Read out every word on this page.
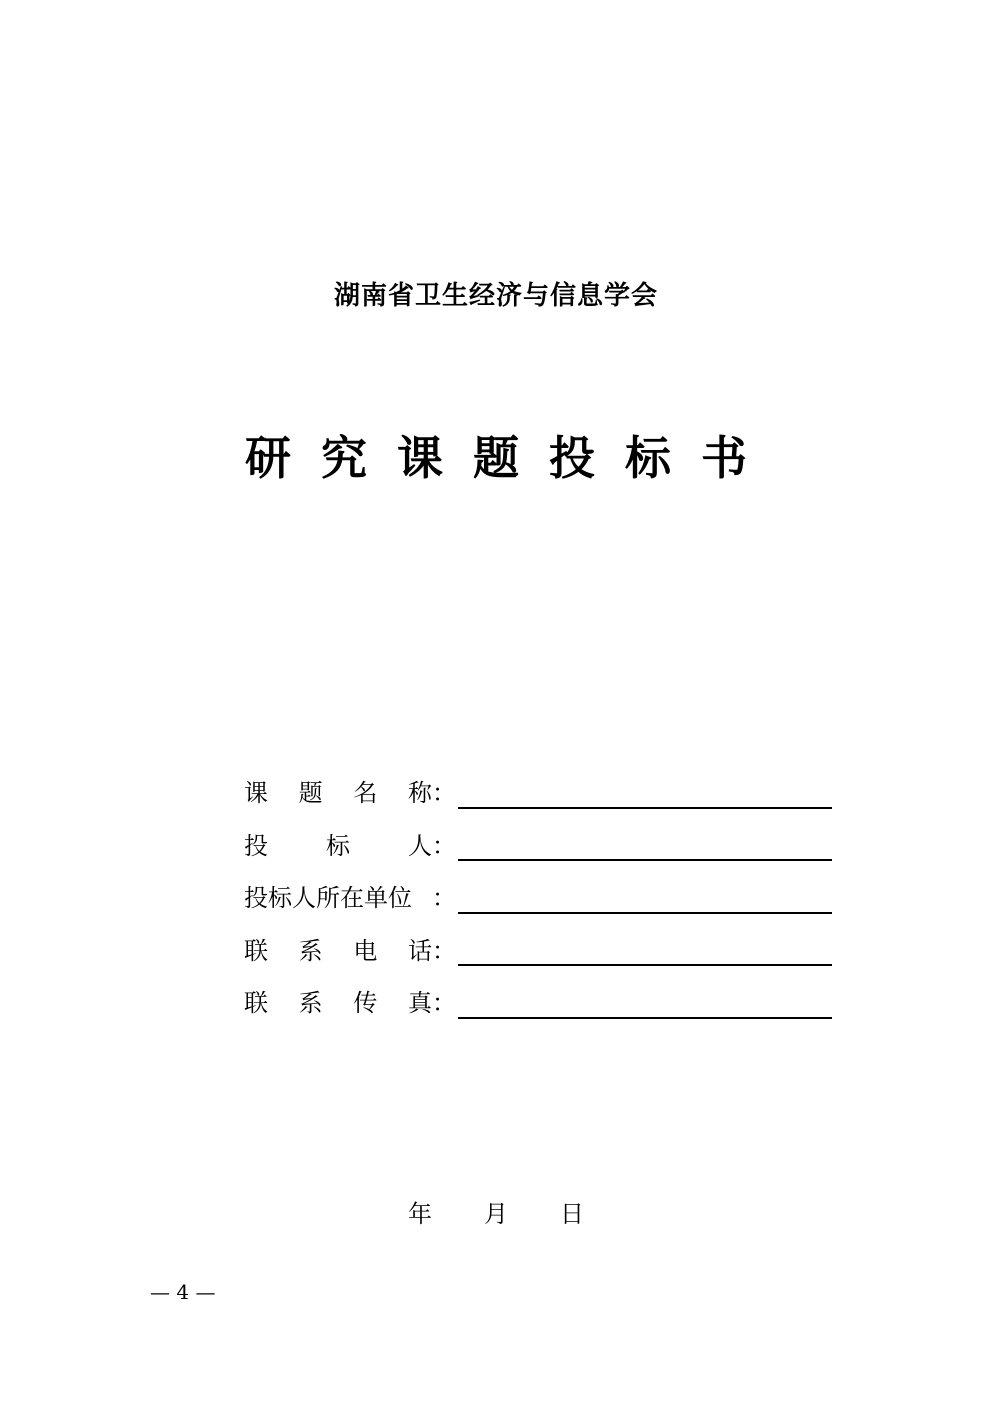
湖南省卫生经济与信息学会
研究课题投标书
课 题 名 称 ：
投 标 人 ：
投标人所在单位 ：
联 系 电 话 ：
联 系 传 真 ：
年 月 日
— 4 —
